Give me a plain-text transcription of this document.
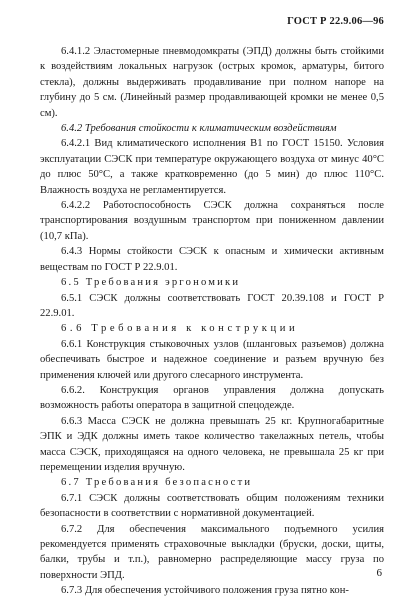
ГОСТ Р 22.9.06—96

6.4.1.2 Эластомерные пневмодомкраты (ЭПД) должны быть стойкими к воздействиям локальных нагрузок (острых кромок, арматуры, битого стекла), должны выдерживать продавливание при полном напоре на глубину до 5 см. (Линейный размер продавливающей кромки не менее 0,5 см).

6.4.2 Требования стойкости к климатическим воздействиям

6.4.2.1 Вид климатического исполнения В1 по ГОСТ 15150. Условия эксплуатации СЭСК при температуре окружающего воздуха от минус 40°С до плюс 50°С, а также кратковременно (до 5 мин) до плюс 110°С. Влажность воздуха не регламентируется.

6.4.2.2 Работоспособность СЭСК должна сохраняться после транспортирования воздушным транспортом при пониженном давлении (10,7 кПа).

6.4.3 Нормы стойкости СЭСК к опасным и химически активным веществам по ГОСТ Р 22.9.01.

6.5 Требования эргономики

6.5.1 СЭСК должны соответствовать ГОСТ 20.39.108 и ГОСТ Р 22.9.01.

6.6 Требования к конструкции

6.6.1 Конструкция стыковочных узлов (шланговых разъемов) должна обеспечивать быстрое и надежное соединение и разъем вручную без применения ключей или другого слесарного инструмента.

6.6.2. Конструкция органов управления должна допускать возможность работы оператора в защитной спецодежде.

6.6.3 Масса СЭСК не должна превышать 25 кг. Крупногабаритные ЭПК и ЭДК должны иметь такое количество такелажных петель, чтобы масса СЭСК, приходящаяся на одного человека, не превышала 25 кг при перемещении изделия вручную.

6.7 Требования безопасности

6.7.1 СЭСК должны соответствовать общим положениям техники безопасности в соответствии с нормативной документацией.

6.7.2 Для обеспечения максимального подъемного усилия рекомендуется применять страховочные выкладки (бруски, доски, щиты, балки, трубы и т.п.), равномерно распределяющие массу груза по поверхности ЭПД.

6.7.3 Для обеспечения устойчивого положения груза пятно кон-

6
